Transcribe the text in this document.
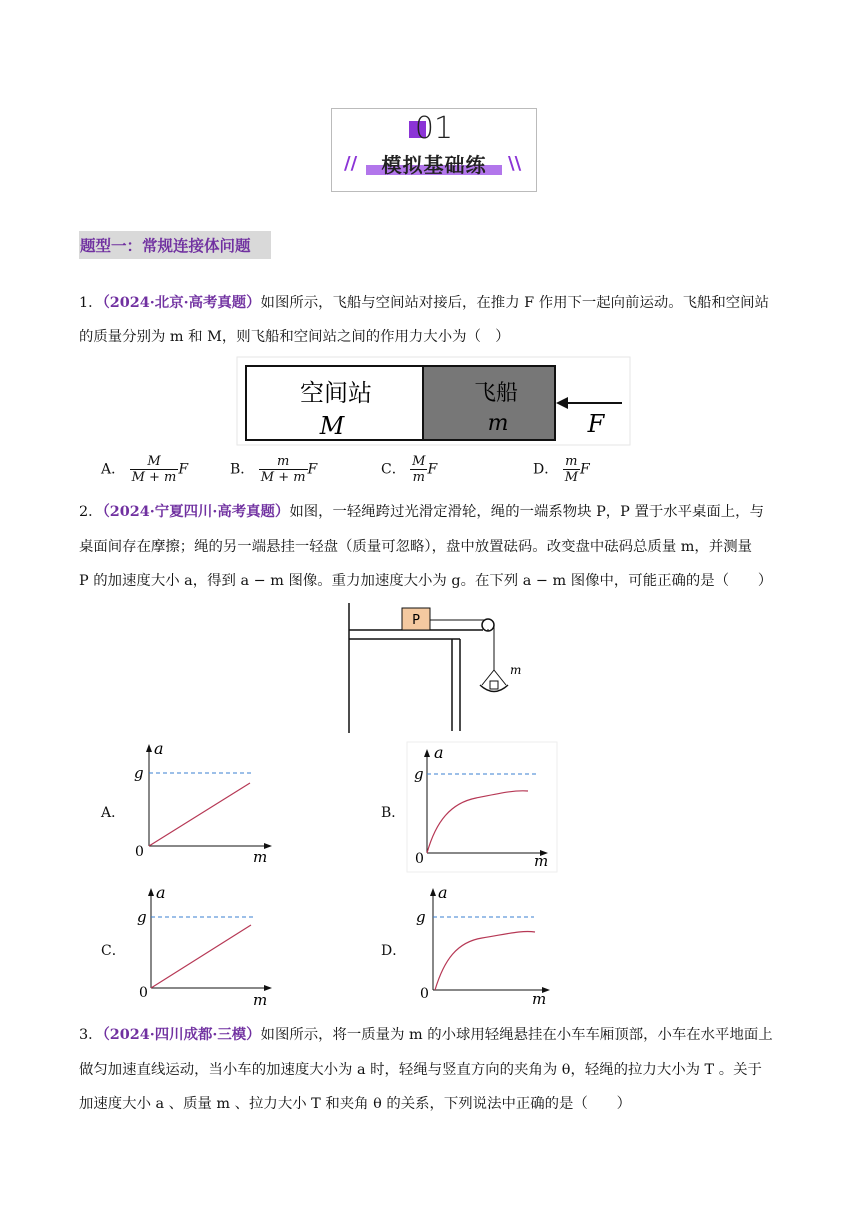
01
//	模拟基础练	\\
题型一：常规连接体问题
1．（2024·北京·高考真题）如图所示，飞船与空间站对接后，在推力 F 作用下一起向前运动。飞船和空间站
的质量分别为 m 和 M，则飞船和空间站之间的作用力大小为（　）
空间站
M
飞船
m	F
A． $\frac{M}{M + m}$ F	B． $\frac{m}{M + m}$ F	C． $\frac{M}{m}$ F	D． $\frac{m}{M}$ F
2．（2024·宁夏四川·高考真题）如图，一轻绳跨过光滑定滑轮，绳的一端系物块 P，P 置于水平桌面上，与
桌面间存在摩擦；绳的另一端悬挂一轻盘（质量可忽略），盘中放置砝码。改变盘中砝码总质量 m，并测量
P 的加速度大小 a，得到 a − m 图像。重力加速度大小为 g。在下列 a − m 图像中，可能正确的是（　　）
P
m
A．
a
g
0	m
B．
a
g
0	m
C．
a
g
0	m
D．
a
g
0	m
3．（2024·四川成都·三模）如图所示，将一质量为 m 的小球用轻绳悬挂在小车车厢顶部，小车在水平地面上
做匀加速直线运动，当小车的加速度大小为 a 时，轻绳与竖直方向的夹角为 θ，轻绳的拉力大小为 T 。关于
加速度大小 a 、质量 m 、拉力大小 T 和夹角 θ 的关系，下列说法中正确的是（　　）
